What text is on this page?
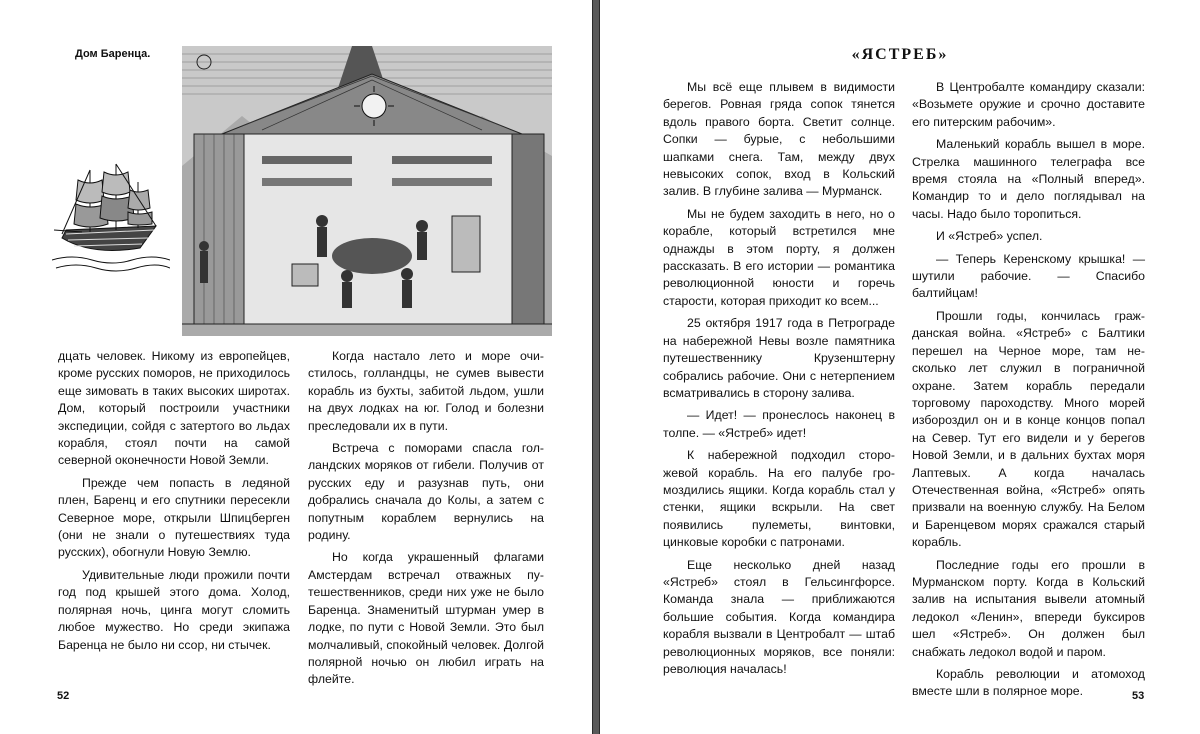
Дом Баренца.

дцать человек. Никому из европейцев, кроме русских поморов, не приходилось еще зимовать в таких высоких широтах. Дом, который построили участники экспедиции, сойдя с затертого во льдах корабля, стоял почти на самой северной оконечности Новой Земли.

Прежде чем попасть в ледяной плен, Баренц и его спутники пересекли Северное море, открыли Шпицберген (они не знали о путешествиях туда русских), обогнули Новую Землю.

Удивительные люди прожили почти год под крышей этого дома. Холод, полярная ночь, цинга могут сломить любое мужество. Но среди экипажа Баренца не было ни ссор, ни стычек.

Когда настало лето и море очистилось, голландцы, не сумев вывести корабль из бухты, забитой льдом, ушли на двух лодках на юг. Голод и болезни преследовали их в пути.

Встреча с поморами спасла голландских моряков от гибели. Получив от русских еду и разузнав путь, они добрались сначала до Колы, а затем с попутным кораблем вернулись на родину.

Но когда украшенный флагами Амстердам встречал отважных путешественников, среди них уже не было Баренца. Знаменитый штурман умер в лодке, по пути с Новой Земли. Это был молчаливый, спокойный человек. Долгой полярной ночью он любил играть на флейте.

52
«ЯСТРЕБ»

Мы всё еще плывем в видимости берегов. Ровная гряда сопок тянется вдоль правого борта. Светит солнце. Сопки — бурые, с небольшими шапками снега. Там, между двух невысоких сопок, вход в Кольский залив. В глубине залива — Мурманск.

Мы не будем заходить в него, но о корабле, который встретился мне однажды в этом порту, я должен рассказать. В его истории — романтика революционной юности и горечь старости, которая приходит ко всем...

25 октября 1917 года в Петрограде на набережной Невы возле памятника путешественнику Крузенштерну собрались рабочие. Они с нетерпением всматривались в сторону залива.

— Идет! — пронеслось наконец в толпе. — «Ястреб» идет!

К набережной подходил сторожевой корабль. На его палубе громоздились ящики. Когда корабль стал у стенки, ящики вскрыли. На свет появились пулеметы, винтовки, цинковые коробки с патронами.

Еще несколько дней назад «Ястреб» стоял в Гельсингфорсе. Команда знала — приближаются большие события. Когда командира корабля вызвали в Центробалт — штаб революционных моряков, все поняли: революция началась!

В Центробалте командиру сказали: «Возьмете оружие и срочно доставите его питерским рабочим».

Маленький корабль вышел в море. Стрелка машинного телеграфа все время стояла на «Полный вперед». Командир то и дело поглядывал на часы. Надо было торопиться.

И «Ястреб» успел.

— Теперь Керенскому крышка! — шутили рабочие. — Спасибо балтийцам!

Прошли годы, кончилась гражданская война. «Ястреб» с Балтики перешел на Черное море, там несколько лет служил в пограничной охране. Затем корабль передали торговому пароходству. Много морей избороздил он и в конце концов попал на Север. Тут его видели и у берегов Новой Земли, и в дальних бухтах моря Лаптевых. А когда началась Отечественная война, «Ястреб» опять призвали на военную службу. На Белом и Баренцевом морях сражался старый корабль.

Последние годы его прошли в Мурманском порту. Когда в Кольский залив на испытания вывели атомный ледокол «Ленин», впереди буксиров шел «Ястреб». Он должен был снабжать ледокол водой и паром.

Корабль революции и атомоход вместе шли в полярное море.	53
